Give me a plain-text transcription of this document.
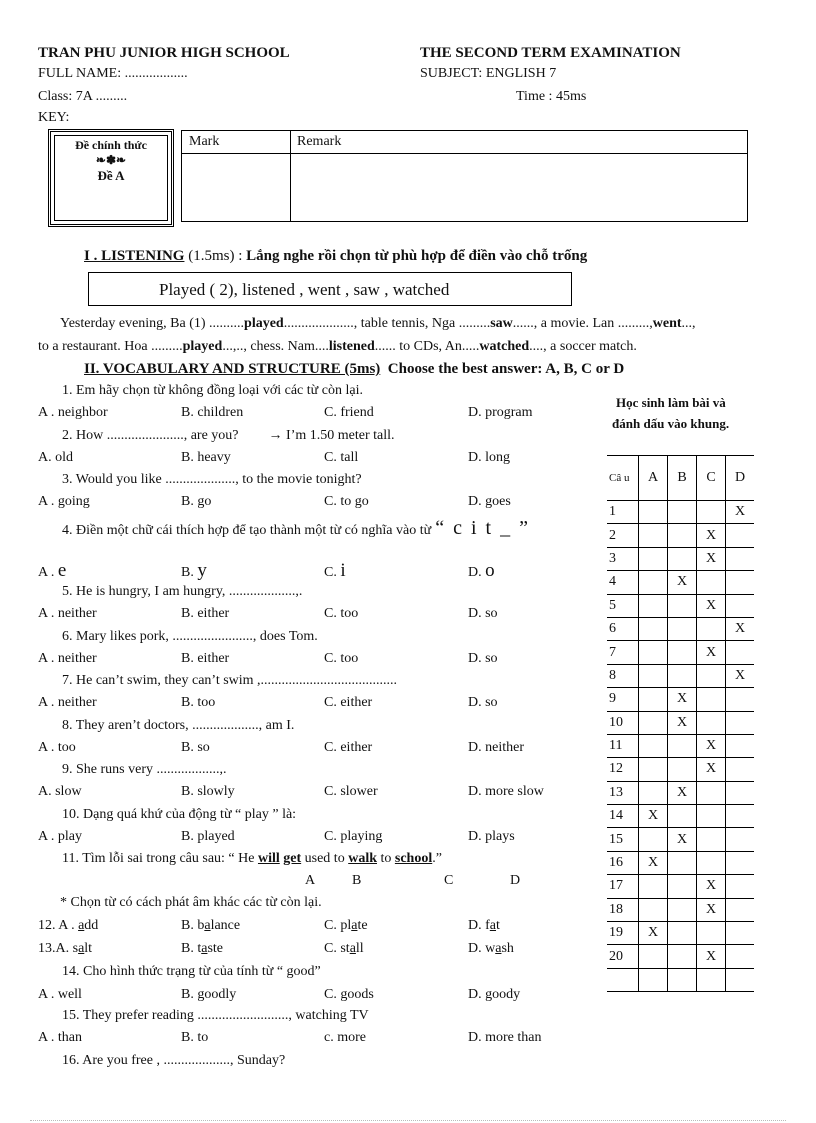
TRAN PHU JUNIOR HIGH SCHOOL	THE SECOND TERM EXAMINATION
FULL NAME: ..................	SUBJECT: ENGLISH 7
Class: 7A .........	Time : 45ms
KEY:
Đề chính thức
❧✽❧
Đề A
Mark	Remark
I . LISTENING (1.5ms) : Lắng nghe rồi chọn từ phù hợp để điền vào chỗ trống
Played ( 2), listened , went , saw , watched
Yesterday evening, Ba (1) ..........played...................., table tennis, Nga .........saw......, a movie. Lan .........,went...,
to a restaurant. Hoa .........played...,.., chess. Nam....listened...... to CDs, An.....watched...., a soccer match.
II. VOCABULARY AND STRUCTURE (5ms) Choose the best answer: A, B, C or D
Học sinh làm bài và
đánh dấu vào khung.
Câ u	A	B	C	D
1				X
2			X	
3			X	
4		X		
5			X	
6				X
7			X	
8				X
9		X		
10		X		
11			X	
12			X	
13		X		
14	X			
15		X		
16	X			
17			X	
18			X	
19	X			
20			X	

1. Em hãy chọn từ không đồng loại với các từ còn lại.
A . neighbor	B. children	C. friend	D. program
2. How ......................, are you? → I’m 1.50 meter tall.
A. old	B. heavy	C. tall	D. long
3. Would you like ...................., to the movie tonight?
A . going	B. go	C. to go	D. goes
4. Điền một chữ cái thích hợp để tạo thành một từ có nghĩa vào từ “ c i t _ ”
A . e	B. y	C. i	D. o
5. He is hungry, I am hungry, ...................,.
A . neither	B. either	C. too	D. so
6. Mary likes pork, ......................., does Tom.
A . neither	B. either	C. too	D. so
7. He can’t swim, they can’t swim ,.......................................
A . neither	B. too	C. either	D. so
8. They aren’t doctors, ..................., am I.
A . too	B. so	C. either	D. neither
9. She runs very ..................,.
A. slow	B. slowly	C. slower	D. more slow
10. Dạng quá khứ của động từ “ play ” là:
A . play	B. played	C. playing	D. plays
11. Tìm lỗi sai trong câu sau: “ He will get used to walk to school.”
A	B	C	D
* Chọn từ có cách phát âm khác các từ còn lại.
12. A . add	B. balance	C. plate	D. fat
13.A. salt	B. taste	C. stall	D. wash
14. Cho hình thức trạng từ của tính từ “ good”
A . well	B. goodly	C. goods	D. goody
15. They prefer reading .........................., watching TV
A . than	B. to	c. more	D. more than
16. Are you free , ..................., Sunday?
